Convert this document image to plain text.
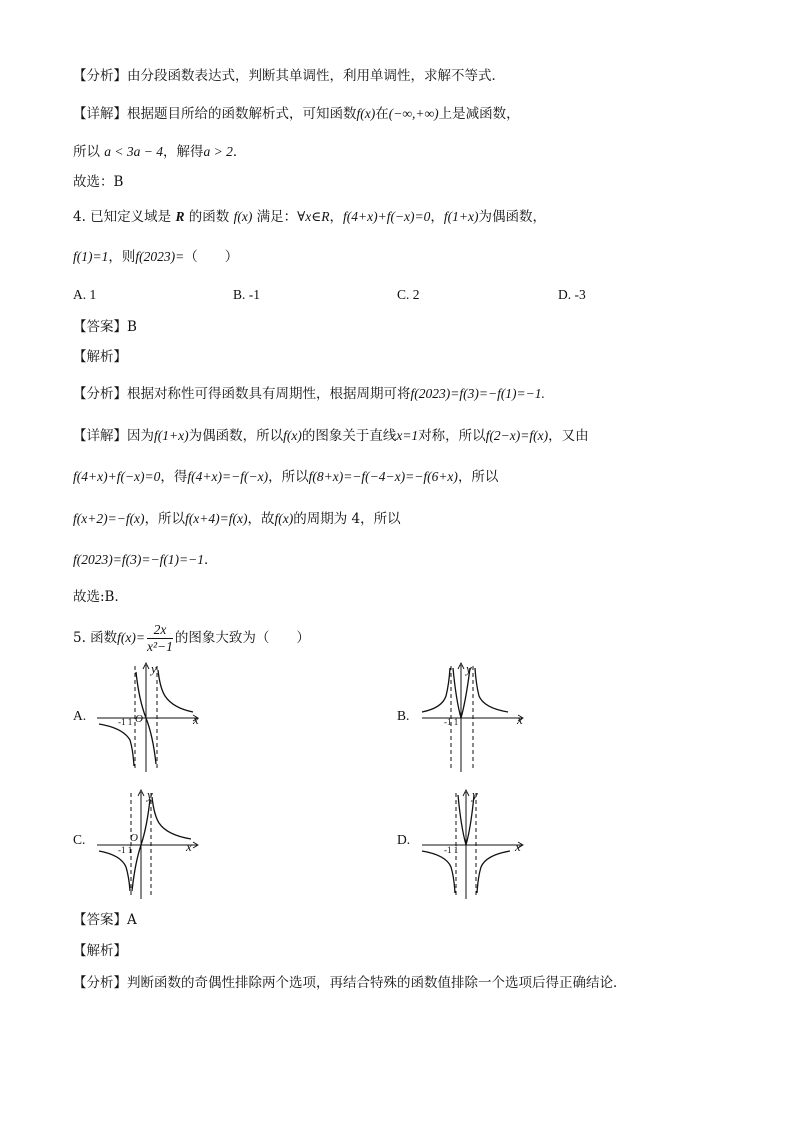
【分析】由分段函数表达式，判断其单调性，利用单调性，求解不等式．
【详解】根据题目所给的函数解析式，可知函数f(x)在(−∞,+∞)上是减函数，
所以 a < 3a − 4，解得a > 2．
故选：B
4. 已知定义域是 R 的函数 f(x) 满足：∀x∈R，f(4+x)+f(−x)=0，f(1+x)为偶函数，
f(1)=1，则f(2023)=（　　）
A. 1	B. -1	C. 2	D. -3
【答案】B
【解析】
【分析】根据对称性可得函数具有周期性，根据周期可将f(2023)=f(3)=−f(1)=−1.
【详解】因为f(1+x)为偶函数，所以f(x)的图象关于直线x=1对称，所以f(2−x)=f(x)，又由
f(4+x)+f(−x)=0，得f(4+x)=−f(−x)，所以f(8+x)=−f(−4−x)=−f(6+x)，所以
f(x+2)=−f(x)，所以f(x+4)=f(x)，故f(x)的周期为 4，所以
f(2023)=f(3)=−f(1)=−1．
故选:B．
5. 函数$f(x)= \frac{2x}{\text{x²−1}}$ 的图象大致为（　　）
A.	B.
C.	D.
y
x
O
-1 1
y
x
-1 1
y
x
O
-1 1
y
x
-1 1
【答案】A
【解析】
【分析】判断函数的奇偶性排除两个选项，再结合特殊的函数值排除一个选项后得正确结论．
